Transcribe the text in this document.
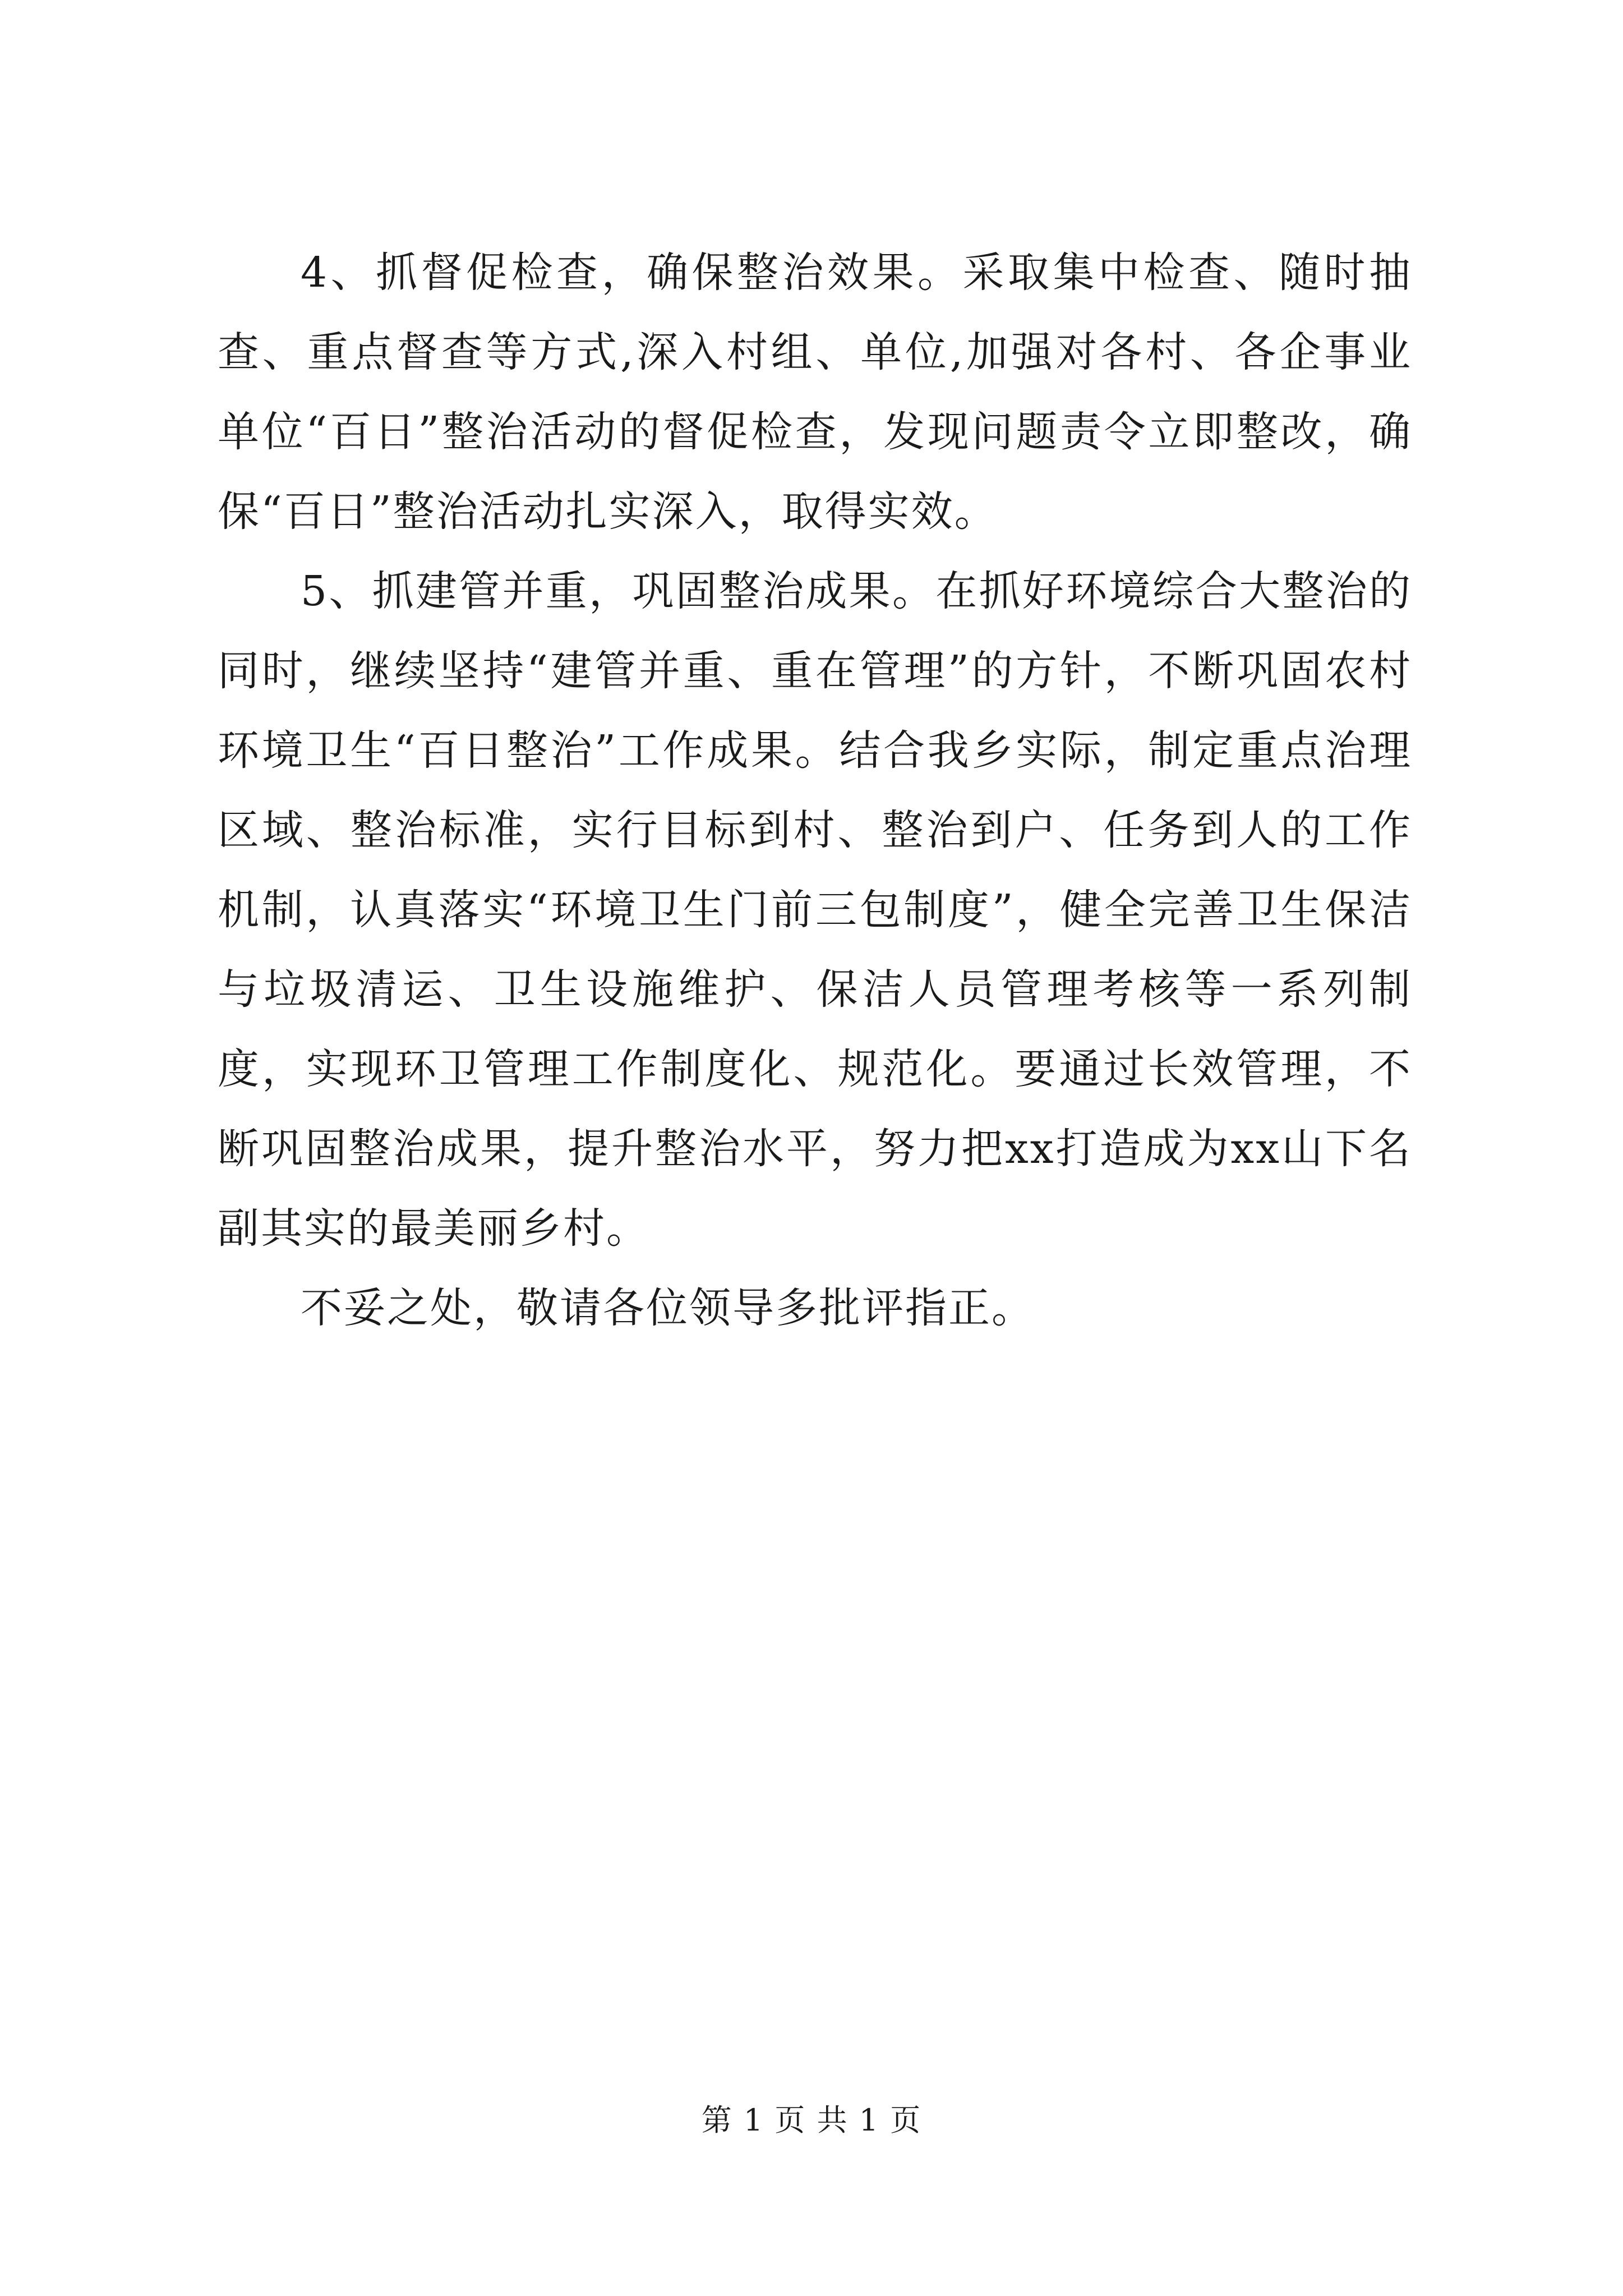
4、抓督促检查，确保整治效果。采取集中检查、随时抽查、重点督查等方式,深入村组、单位,加强对各村、各企事业单位“百日”整治活动的督促检查，发现问题责令立即整改，确保“百日”整治活动扎实深入，取得实效。

5、抓建管并重，巩固整治成果。在抓好环境综合大整治的同时，继续坚持“建管并重、重在管理”的方针，不断巩固农村环境卫生“百日整治”工作成果。结合我乡实际，制定重点治理区域、整治标准，实行目标到村、整治到户、任务到人的工作机制，认真落实“环境卫生门前三包制度”，健全完善卫生保洁与垃圾清运、卫生设施维护、保洁人员管理考核等一系列制度，实现环卫管理工作制度化、规范化。要通过长效管理，不断巩固整治成果，提升整治水平，努力把xx打造成为xx山下名副其实的最美丽乡村。

不妥之处，敬请各位领导多批评指正。

第 1 页 共 1 页
